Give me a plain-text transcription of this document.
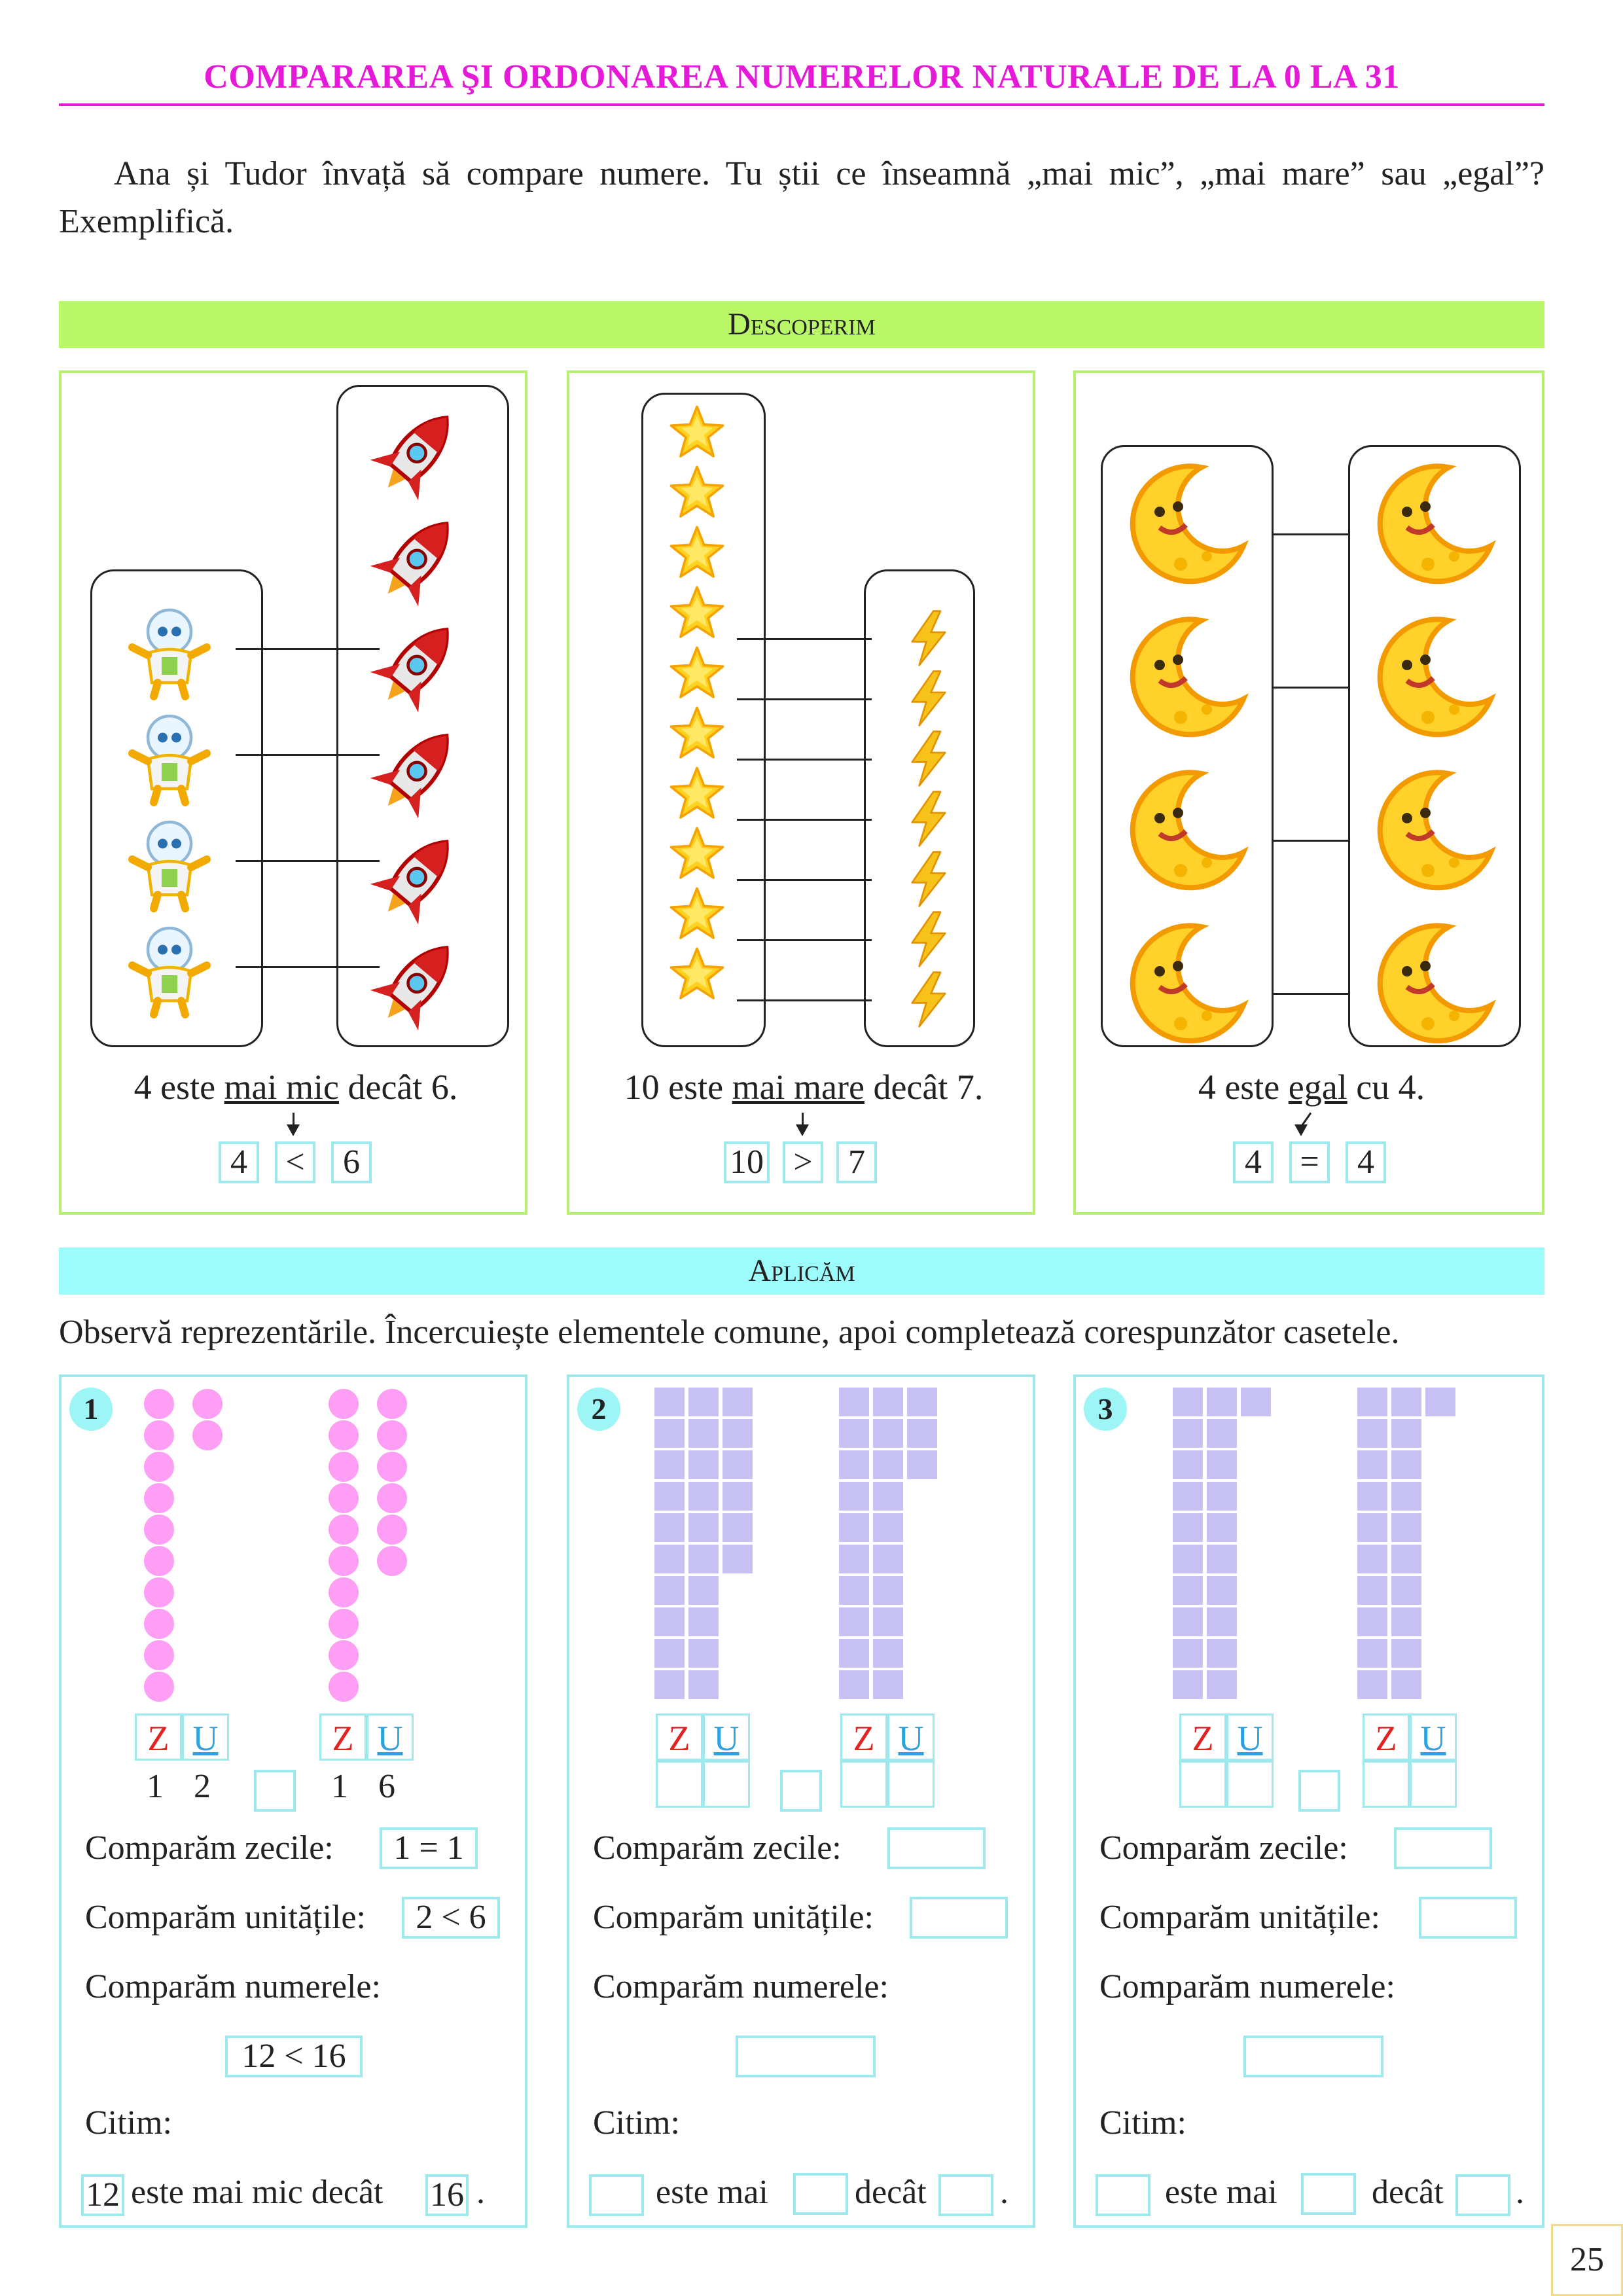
COMPARAREA ŞI ORDONAREA NUMERELOR NATURALE DE LA 0 LA 31
Ana și Tudor învață să compare numere. Tu știi ce înseamnă „mai mic”, „mai mare” sau „egal”? Exemplifică.
Descoperim
4 este mai mic decât 6.
4	<	6
10 este mai mare decât 7.
10 >	7
4 este egal cu 4.
4	=	4
Aplicăm
Observă reprezentările. Încercuiește elementele comune, apoi completează corespunzător casetele.
1
Z U
1 2
Z U
1 6
Comparăm zecile:	1 = 1
Comparăm unitățile:	2 < 6
Comparăm numerele:
12 < 16
Citim:
12 este mai mic decât 16 .
2
Z U	Z U
Comparăm zecile:
Comparăm unitățile:
Comparăm numerele:
Citim:
este mai	decât .
3
Z U	Z U
Comparăm zecile:
Comparăm unitățile:
Comparăm numerele:
Citim:
este mai	decât .
25
